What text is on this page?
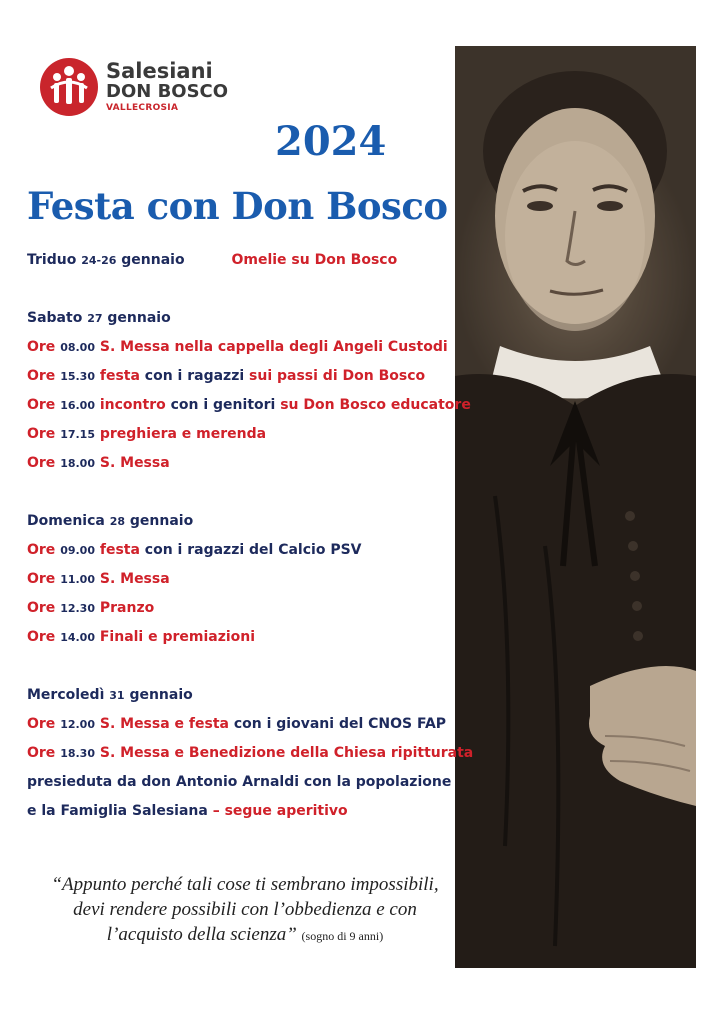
Salesiani
DON BOSCO
VALLECROSIA
2024
Festa con Don Bosco
Triduo 24-26 gennaio	Omelie su Don Bosco
Sabato 27 gennaio
Ore 08.00 S. Messa nella cappella degli Angeli Custodi
Ore 15.30 festa con i ragazzi sui passi di Don Bosco
Ore 16.00 incontro con i genitori su Don Bosco educatore
Ore 17.15 preghiera e merenda
Ore 18.00 S. Messa
Domenica 28 gennaio
Ore 09.00 festa con i ragazzi del Calcio PSV
Ore 11.00 S. Messa
Ore 12.30 Pranzo
Ore 14.00 Finali e premiazioni
Mercoledì 31 gennaio
Ore 12.00 S. Messa e festa con i giovani del CNOS FAP
Ore 18.30 S. Messa e Benedizione della Chiesa ripitturata
presieduta da don Antonio Arnaldi con la popolazione
e la Famiglia Salesiana – segue aperitivo
“Appunto perché tali cose ti sembrano impossibili,
devi rendere possibili con l’obbedienza e con
l’acquisto della scienza” (sogno di 9 anni)
